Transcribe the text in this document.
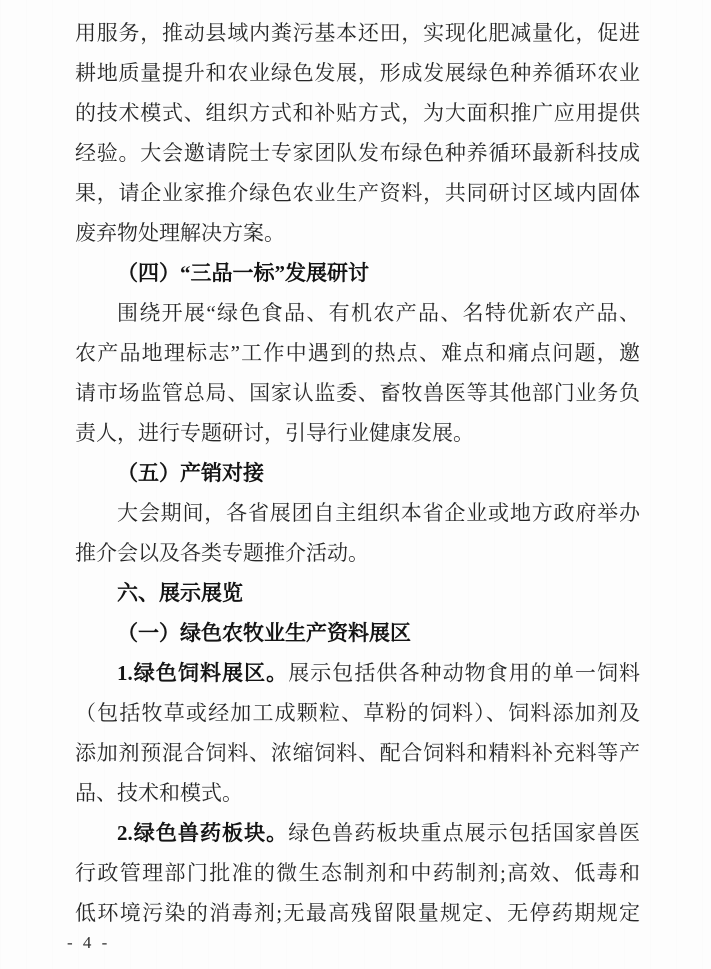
用服务，推动县域内粪污基本还田，实现化肥减量化，促进
耕地质量提升和农业绿色发展，形成发展绿色种养循环农业
的技术模式、组织方式和补贴方式，为大面积推广应用提供
经验。大会邀请院士专家团队发布绿色种养循环最新科技成
果，请企业家推介绿色农业生产资料，共同研讨区域内固体
废弃物处理解决方案。
（四）“三品一标”发展研讨
围绕开展“绿色食品、有机农产品、名特优新农产品、
农产品地理标志”工作中遇到的热点、难点和痛点问题，邀
请市场监管总局、国家认监委、畜牧兽医等其他部门业务负
责人，进行专题研讨，引导行业健康发展。
（五）产销对接
大会期间，各省展团自主组织本省企业或地方政府举办
推介会以及各类专题推介活动。
六、展示展览
（一）绿色农牧业生产资料展区
1.绿色饲料展区。展示包括供各种动物食用的单一饲料
（包括牧草或经加工成颗粒、草粉的饲料）、饲料添加剂及
添加剂预混合饲料、浓缩饲料、配合饲料和精料补充料等产
品、技术和模式。
2.绿色兽药板块。绿色兽药板块重点展示包括国家兽医
行政管理部门批准的微生态制剂和中药制剂;高效、低毒和
低环境污染的消毒剂;无最高残留限量规定、无停药期规定
- 4 -
